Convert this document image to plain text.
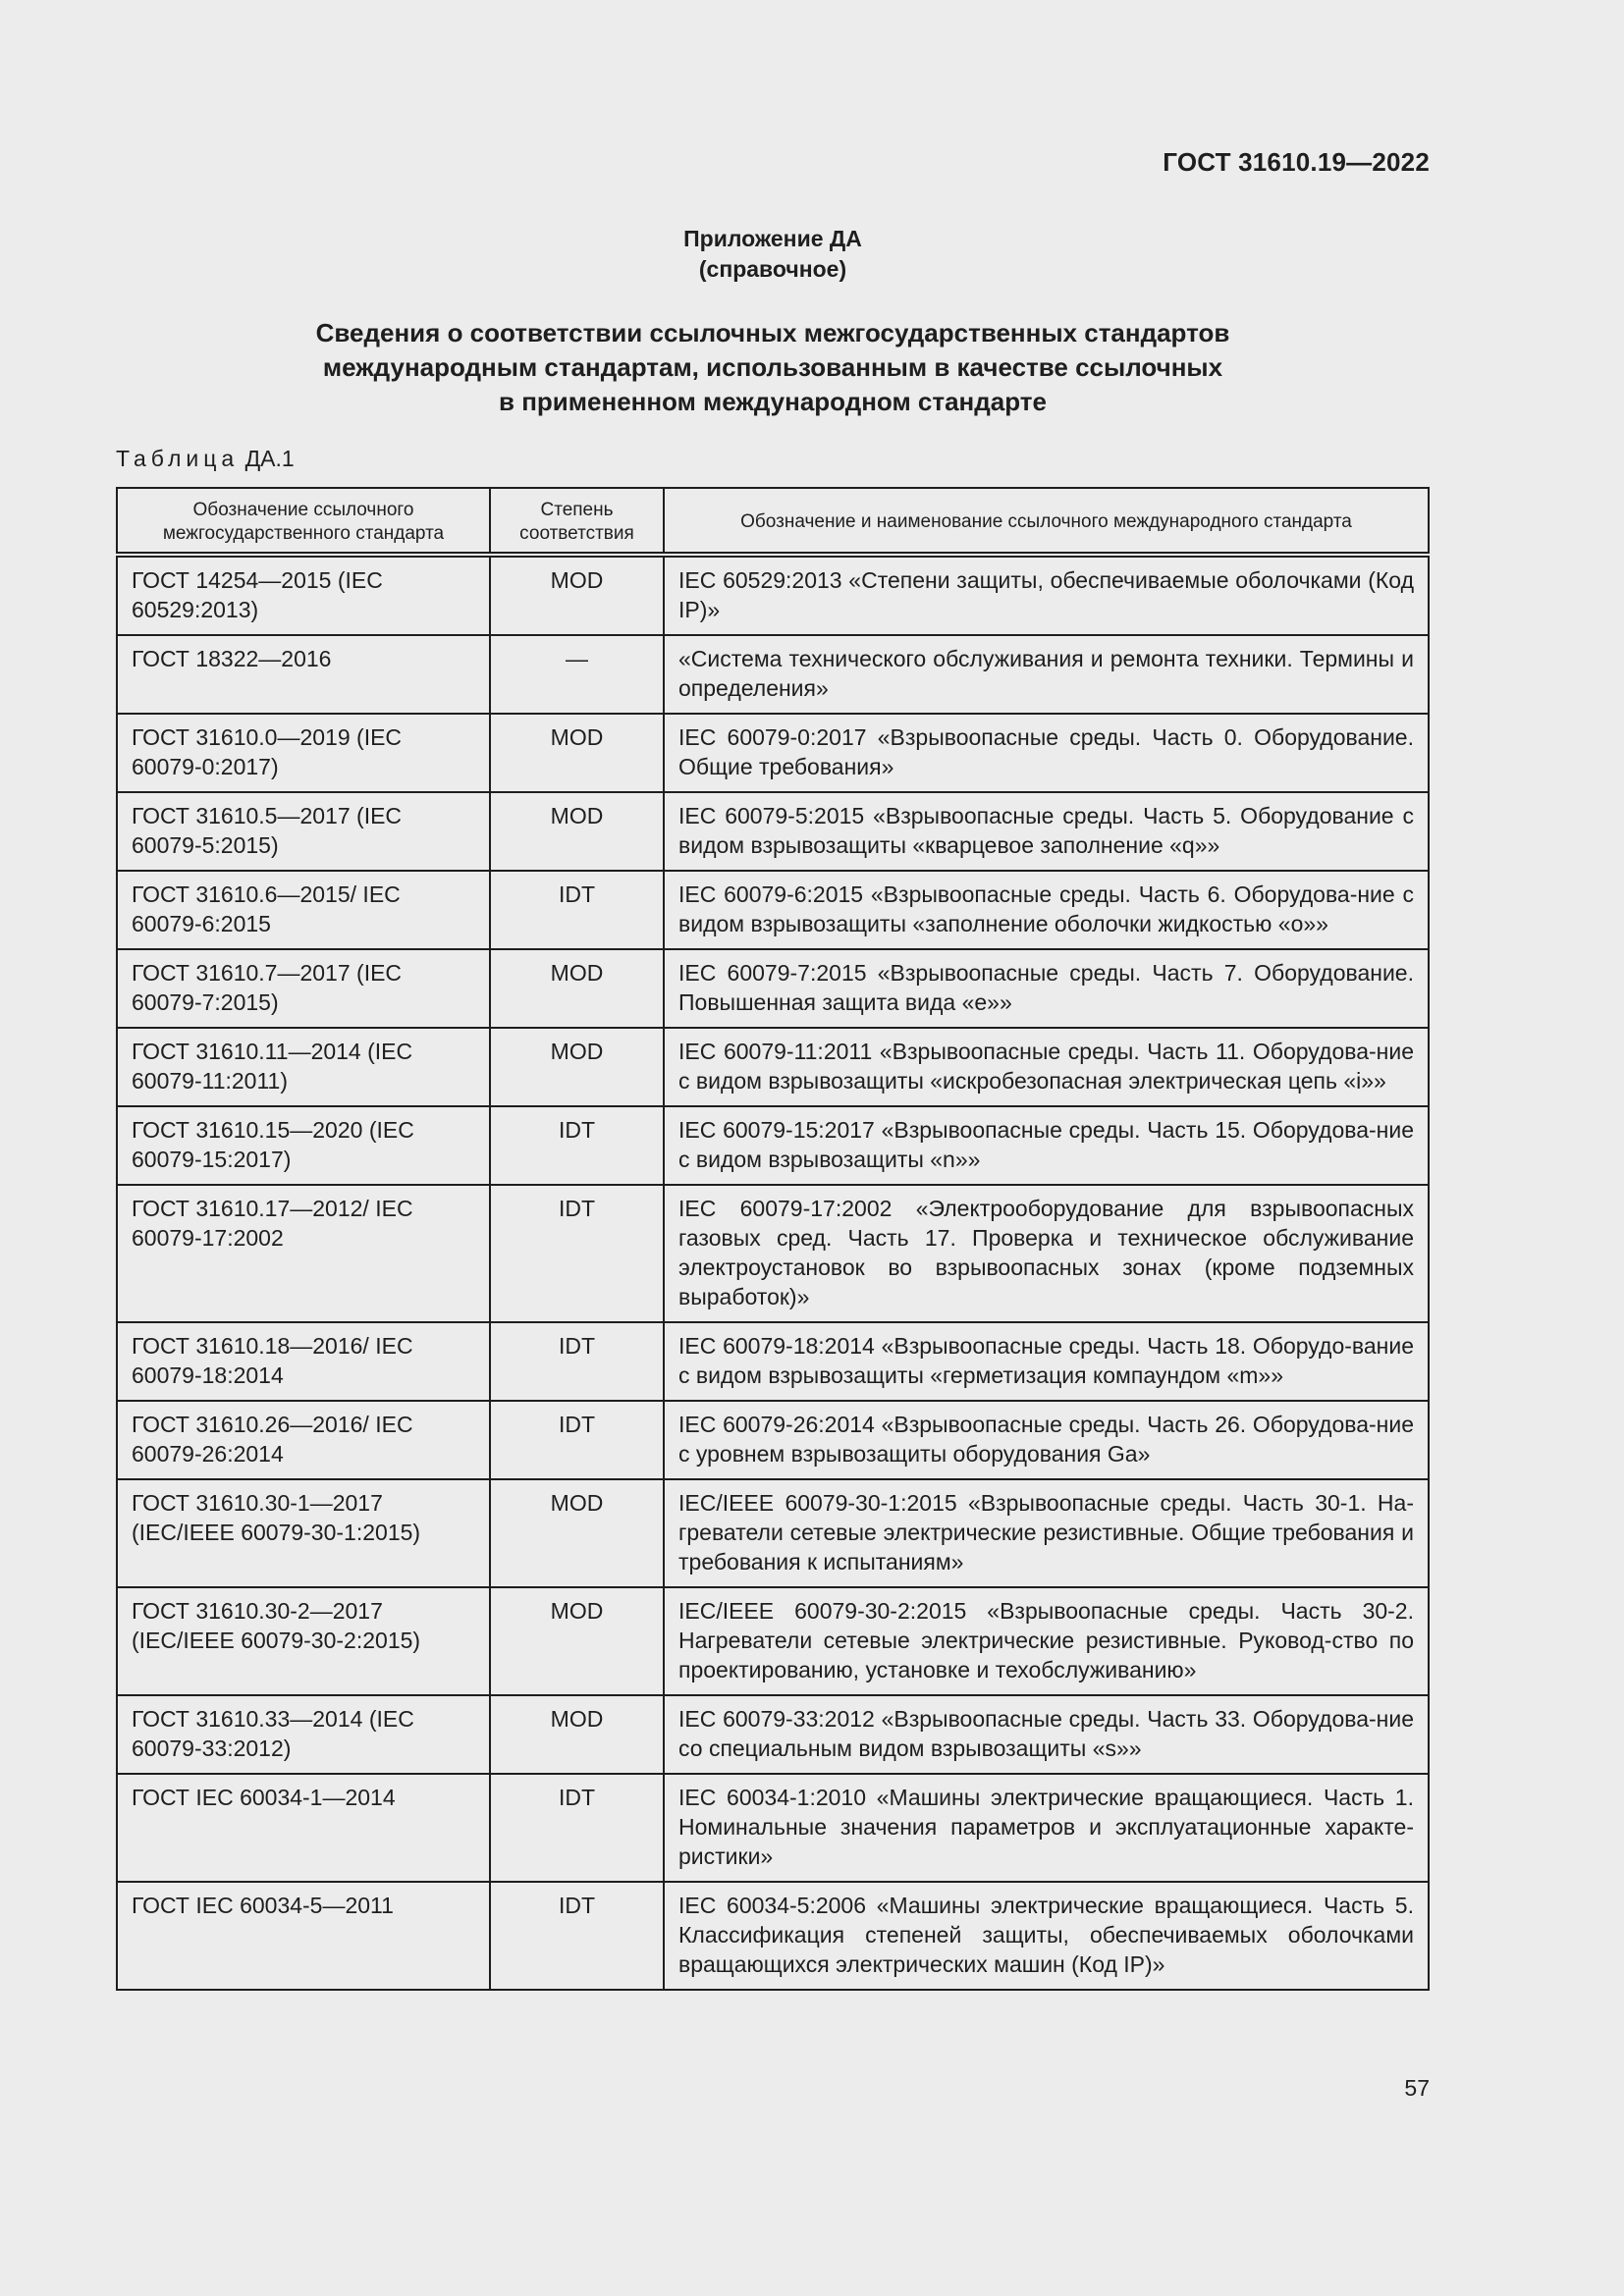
ГОСТ 31610.19—2022
Приложение ДА
(справочное)
Сведения о соответствии ссылочных межгосударственных стандартов
международным стандартам, использованным в качестве ссылочных
в примененном международном стандарте
Таблица ДА.1
Обозначение ссылочного межгосударственного стандарта	Степень соответствия	Обозначение и наименование ссылочного международного стандарта
ГОСТ 14254—2015 (IEC 60529:2013)	MOD	IEC 60529:2013 «Степени защиты, обеспечиваемые оболочками (Код IP)»
ГОСТ 18322—2016	—	«Система технического обслуживания и ремонта техники. Термины и определения»
ГОСТ 31610.0—2019 (IEC 60079-0:2017)	MOD	IEC 60079-0:2017 «Взрывоопасные среды. Часть 0. Оборудование. Общие требования»
ГОСТ 31610.5—2017 (IEC 60079-5:2015)	MOD	IEC 60079-5:2015 «Взрывоопасные среды. Часть 5. Оборудование с видом взрывозащиты «кварцевое заполнение «q»»
ГОСТ 31610.6—2015/ IEC 60079-6:2015	IDT	IEC 60079-6:2015 «Взрывоопасные среды. Часть 6. Оборудова-ние с видом взрывозащиты «заполнение оболочки жидкостью «o»»
ГОСТ 31610.7—2017 (IEC 60079-7:2015)	MOD	IEC 60079-7:2015 «Взрывоопасные среды. Часть 7. Оборудование. Повышенная защита вида «e»»
ГОСТ 31610.11—2014 (IEC 60079-11:2011)	MOD	IEC 60079-11:2011 «Взрывоопасные среды. Часть 11. Оборудова-ние с видом взрывозащиты «искробезопасная электрическая цепь «i»»
ГОСТ 31610.15—2020 (IEC 60079-15:2017)	IDT	IEC 60079-15:2017 «Взрывоопасные среды. Часть 15. Оборудова-ние с видом взрывозащиты «n»»
ГОСТ 31610.17—2012/ IEC 60079-17:2002	IDT	IEC 60079-17:2002 «Электрооборудование для взрывоопасных газовых сред. Часть 17. Проверка и техническое обслуживание электроустановок во взрывоопасных зонах (кроме подземных выработок)»
ГОСТ 31610.18—2016/ IEC 60079-18:2014	IDT	IEC 60079-18:2014 «Взрывоопасные среды. Часть 18. Оборудо-вание с видом взрывозащиты «герметизация компаундом «m»»
ГОСТ 31610.26—2016/ IEC 60079-26:2014	IDT	IEC 60079-26:2014 «Взрывоопасные среды. Часть 26. Оборудова-ние с уровнем взрывозащиты оборудования Ga»
ГОСТ 31610.30-1—2017 (IEC/IEEE 60079-30-1:2015)	MOD	IEC/IEEE 60079-30-1:2015 «Взрывоопасные среды. Часть 30-1. На-греватели сетевые электрические резистивные. Общие требования и требования к испытаниям»
ГОСТ 31610.30-2—2017 (IEC/IEEE 60079-30-2:2015)	MOD	IEC/IEEE 60079-30-2:2015 «Взрывоопасные среды. Часть 30-2. Нагреватели сетевые электрические резистивные. Руковод-ство по проектированию, установке и техобслуживанию»
ГОСТ 31610.33—2014 (IEC 60079-33:2012)	MOD	IEC 60079-33:2012 «Взрывоопасные среды. Часть 33. Оборудова-ние со специальным видом взрывозащиты «s»»
ГОСТ IEC 60034-1—2014	IDT	IEC 60034-1:2010 «Машины электрические вращающиеся. Часть 1. Номинальные значения параметров и эксплуатационные характе-ристики»
ГОСТ IEC 60034-5—2011	IDT	IEC 60034-5:2006 «Машины электрические вращающиеся. Часть 5. Классификация степеней защиты, обеспечиваемых оболочками вращающихся электрических машин (Код IP)»
57
